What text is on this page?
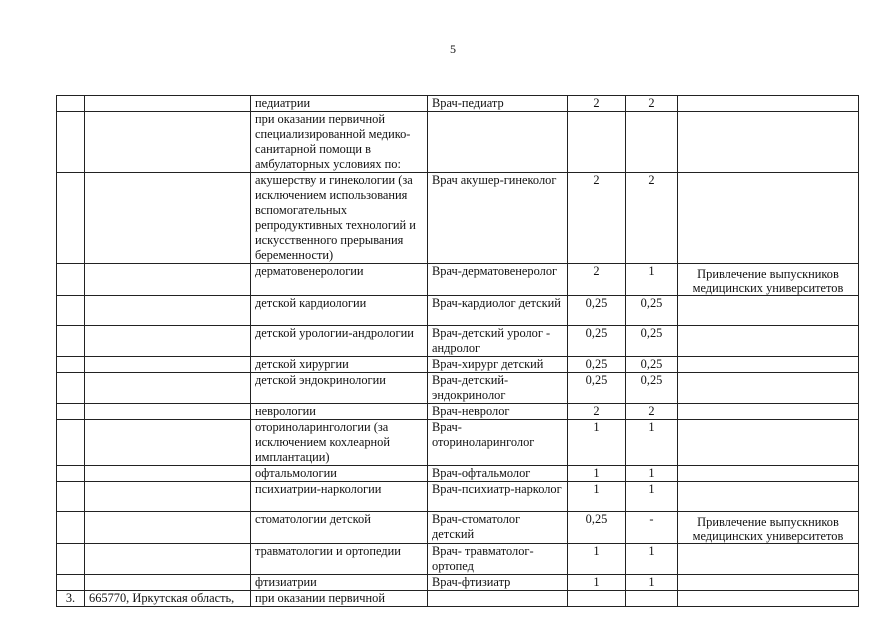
5
		педиатрии	Врач-педиатр	2	2	
		при оказании первичной специализированной медико-санитарной помощи в амбулаторных условиях по:				
		акушерству и гинекологии (за исключением использования вспомогательных репродуктивных технологий и искусственного прерывания беременности)	Врач акушер-гинеколог	2	2	
		дерматовенерологии	Врач-дерматовенеролог	2	1	Привлечение выпускников медицинских университетов
		детской кардиологии	Врач-кардиолог детский	0,25	0,25	
		детской урологии-андрологии	Врач-детский уролог - андролог	0,25	0,25	
		детской хирургии	Врач-хирург детский	0,25	0,25	
		детской эндокринологии	Врач-детский-эндокринолог	0,25	0,25	
		неврологии	Врач-невролог	2	2	
		оториноларингологии (за исключением кохлеарной имплантации)	Врач-оториноларинголог	1	1	
		офтальмологии	Врач-офтальмолог	1	1	
		психиатрии-наркологии	Врач-психиатр-нарколог	1	1	
		стоматологии детской	Врач-стоматолог детский	0,25	-	Привлечение выпускников медицинских университетов
		травматологии и ортопедии	Врач- травматолог-ортопед	1	1	
		фтизиатрии	Врач-фтизиатр	1	1	
3.	665770, Иркутская область,	при оказании первичной				
